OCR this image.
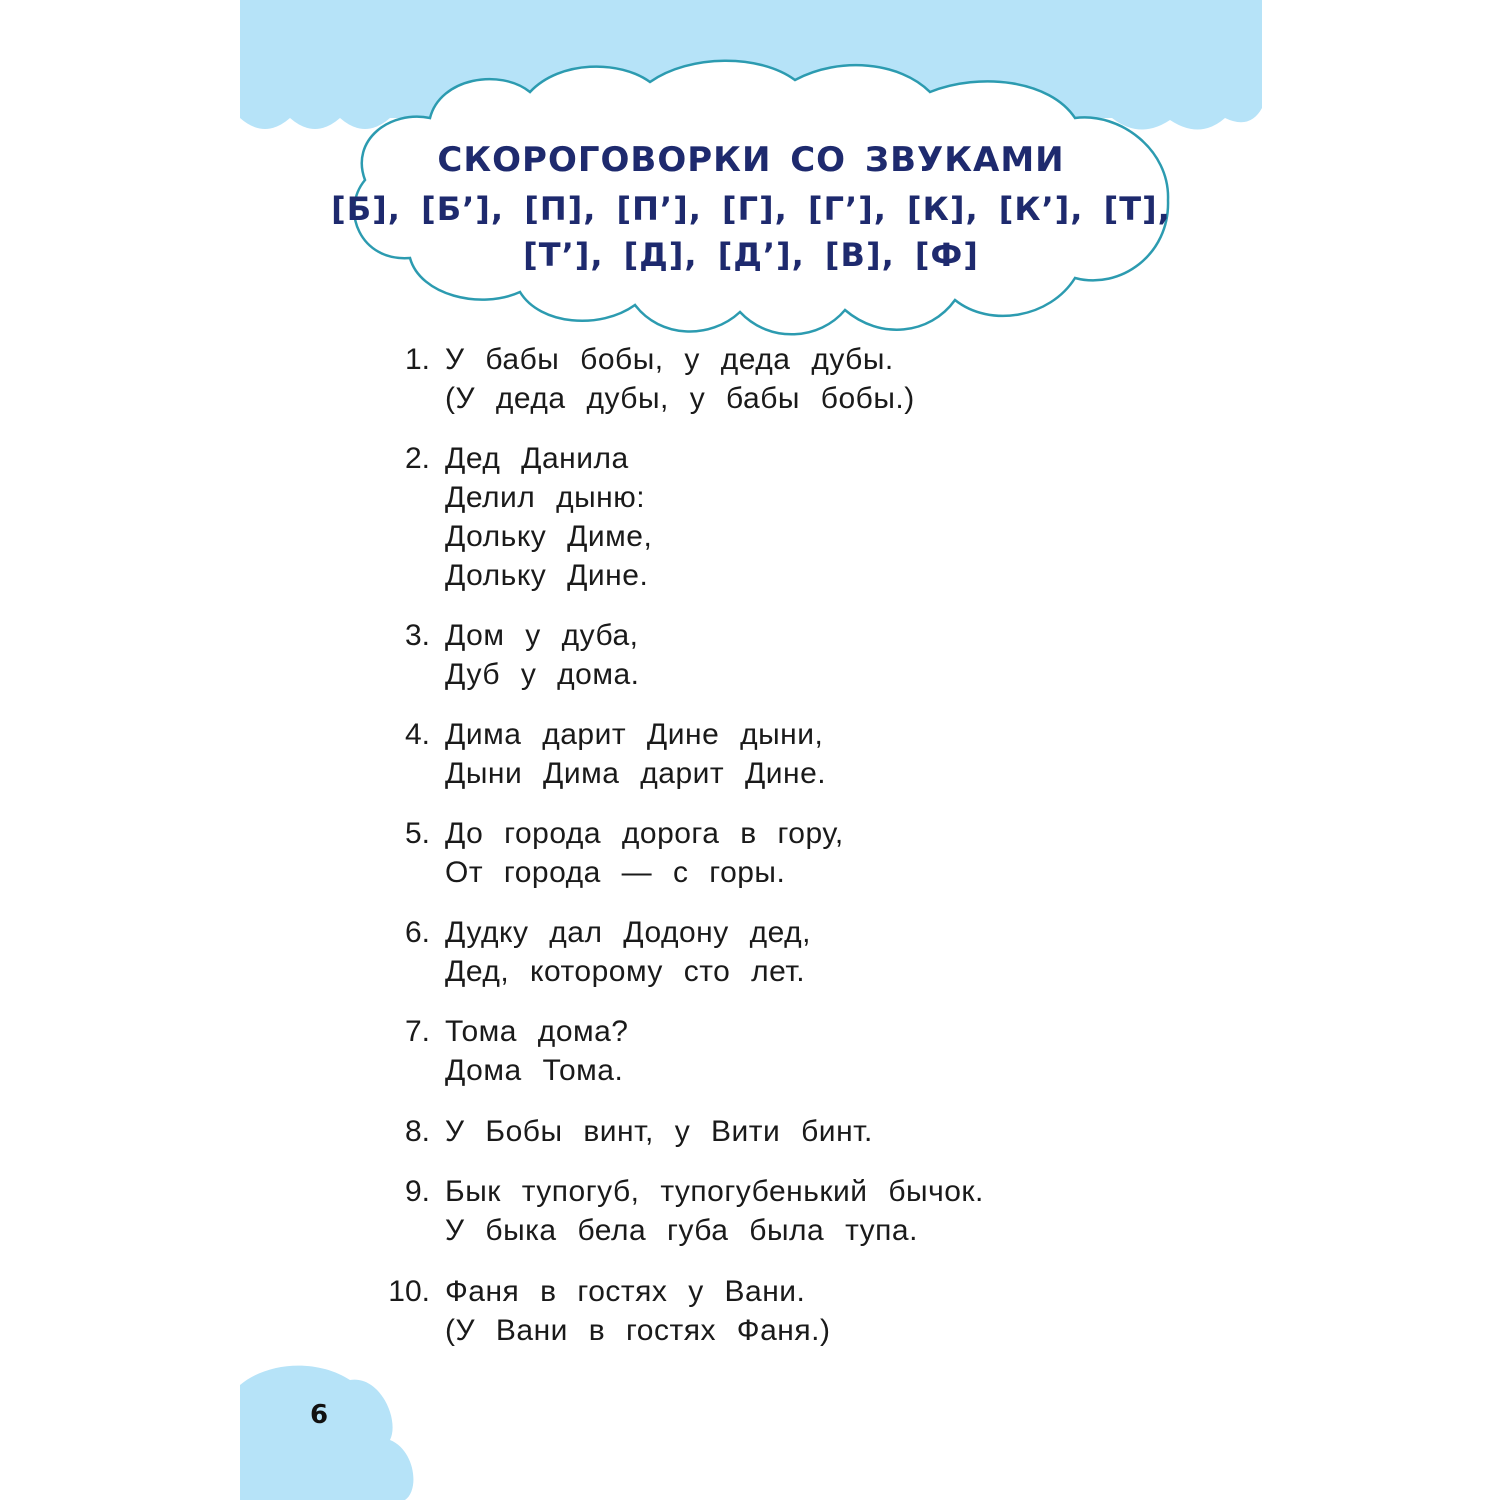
СКОРОГОВОРКИ СО ЗВУКАМИ
[Б], [Б’], [П], [П’], [Г], [Г’], [К], [К’], [Т],
[Т’], [Д], [Д’], [В], [Ф]
1. У бабы бобы, у деда дубы.
(У деда дубы, у бабы бобы.)
2. Дед Данила
Делил дыню:
Дольку Диме,
Дольку Дине.
3. Дом у дуба,
Дуб у дома.
4. Дима дарит Дине дыни,
Дыни Дима дарит Дине.
5. До города дорога в гору,
От города — с горы.
6. Дудку дал Додону дед,
Дед, которому сто лет.
7. Тома дома?
Дома Тома.
8. У Бобы винт, у Вити бинт.
9. Бык тупогуб, тупогубенький бычок.
У быка бела губа была тупа.
10. Фаня в гостях у Вани.
(У Вани в гостях Фаня.)
6
